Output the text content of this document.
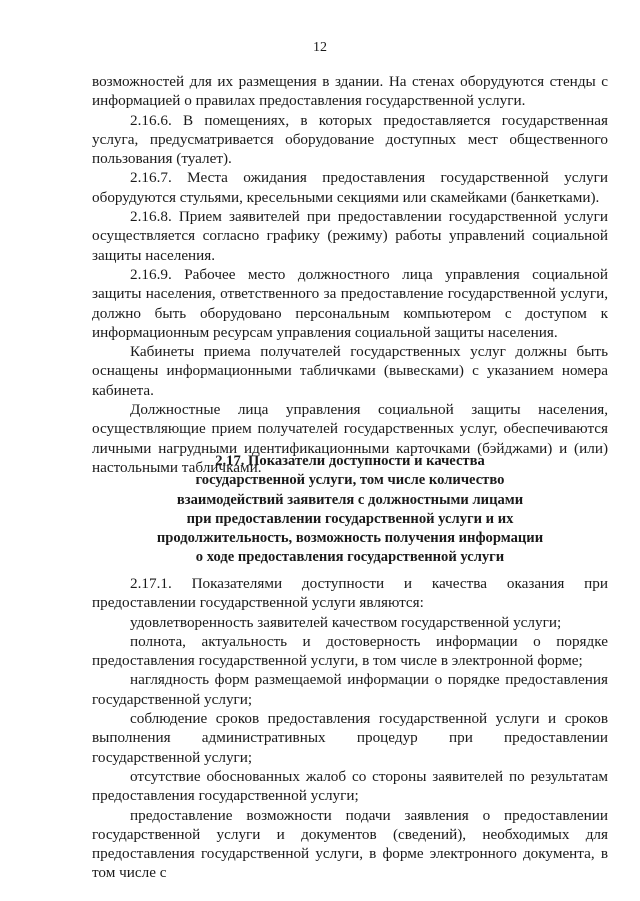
12

возможностей для их размещения в здании. На стенах оборудуются стенды с информацией о правилах предоставления государственной услуги.

2.16.6. В помещениях, в которых предоставляется государственная услуга, предусматривается оборудование доступных мест общественного пользования (туалет).

2.16.7. Места ожидания предоставления государственной услуги оборудуются стульями, кресельными секциями или скамейками (банкетками).

2.16.8. Прием заявителей при предоставлении государственной услуги осуществляется согласно графику (режиму) работы управлений социальной защиты населения.

2.16.9. Рабочее место должностного лица управления социальной защиты населения, ответственного за предоставление государственной услуги, должно быть оборудовано персональным компьютером с доступом к информационным ресурсам управления социальной защиты населения.

Кабинеты приема получателей государственных услуг должны быть оснащены информационными табличками (вывесками) с указанием номера кабинета.

Должностные лица управления социальной защиты населения, осуществляющие прием получателей государственных услуг, обеспечиваются личными нагрудными идентификационными карточками (бэйджами) и (или) настольными табличками.

2.17. Показатели доступности и качества
государственной услуги, том числе количество
взаимодействий заявителя с должностными лицами
при предоставлении государственной услуги и их
продолжительность, возможность получения информации
о ходе предоставления государственной услуги

2.17.1. Показателями доступности и качества оказания при предоставлении государственной услуги являются:

удовлетворенность заявителей качеством государственной услуги;

полнота, актуальность и достоверность информации о порядке предоставления государственной услуги, в том числе в электронной форме;

наглядность форм размещаемой информации о порядке предоставления государственной услуги;

соблюдение сроков предоставления государственной услуги и сроков выполнения административных процедур при предоставлении государственной услуги;

отсутствие обоснованных жалоб со стороны заявителей по результатам предоставления государственной услуги;

предоставление возможности подачи заявления о предоставлении государственной услуги и документов (сведений), необходимых для предоставления государственной услуги, в форме электронного документа, в том числе с
